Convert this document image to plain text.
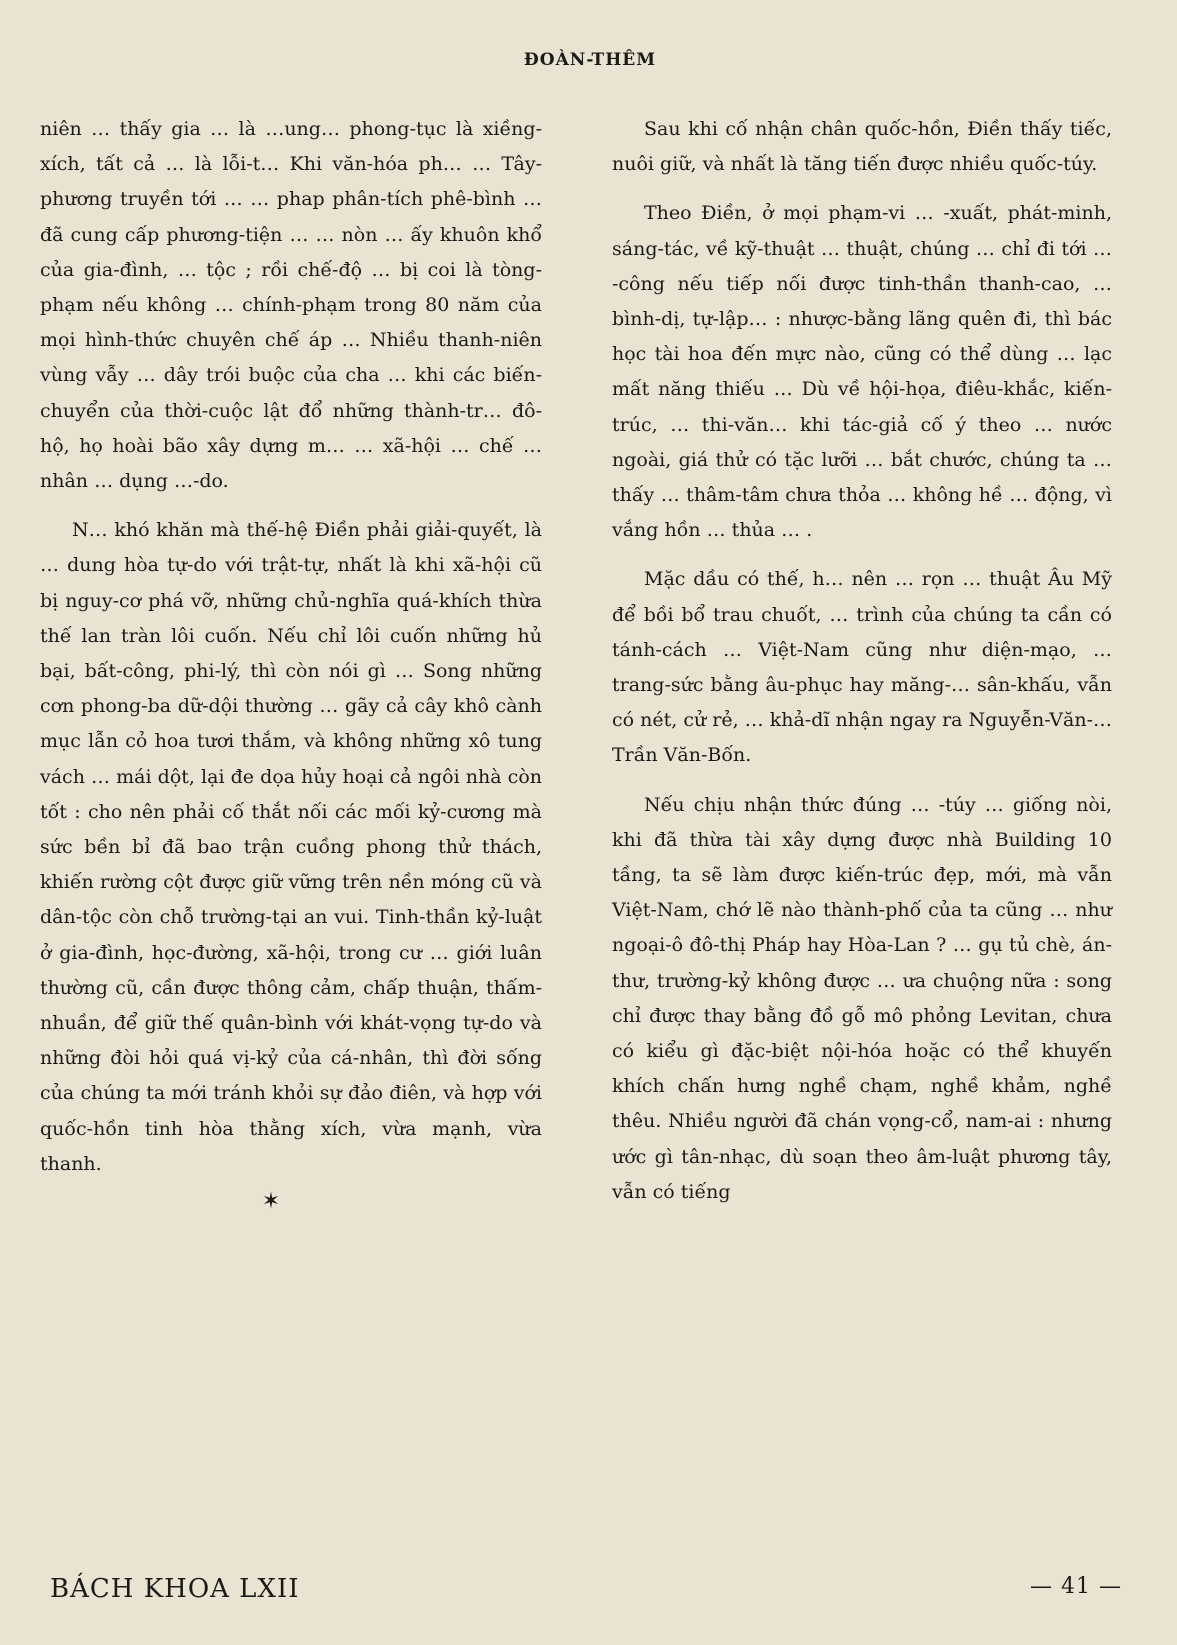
ĐOÀN-THÊM

niên … thấy gia … là …ung… phong-tục là xiềng-xích, tất cả … là lỗi-t… Khi văn-hóa ph… … Tây-phương truyền tới … … phap phân-tích phê-bình … đã cung cấp phương-tiện … … nòn … ấy khuôn khổ của gia-đình, … tộc ; rồi chế-độ … bị coi là tòng-phạm nếu không … chính-phạm trong 80 năm của mọi hình-thức chuyên chế áp … Nhiều thanh-niên vùng vẫy … dây trói buộc của cha … khi các biến-chuyển của thời-cuộc lật đổ những thành-tr… đô-hộ, họ hoài bão xây dựng m… … xã-hội … chế … nhân … dụng …-do.

N… khó khăn mà thế-hệ Điền phải giải-quyết, là … dung hòa tự-do với trật-tự, nhất là khi xã-hội cũ bị nguy-cơ phá vỡ, những chủ-nghĩa quá-khích thừa thế lan tràn lôi cuốn. Nếu chỉ lôi cuốn những hủ bại, bất-công, phi-lý, thì còn nói gì … Song những cơn phong-ba dữ-dội thường … gãy cả cây khô cành mục lẫn cỏ hoa tươi thắm, và không những xô tung vách … mái dột, lại đe dọa hủy hoại cả ngôi nhà còn tốt : cho nên phải cố thắt nối các mối kỷ-cương mà sức bền bỉ đã bao trận cuồng phong thử thách, khiến rường cột được giữ vững trên nền móng cũ và dân-tộc còn chỗ trường-tại an vui. Tinh-thần kỷ-luật ở gia-đình, học-đường, xã-hội, trong cư … giới luân thường cũ, cần được thông cảm, chấp thuận, thấm-nhuần, để giữ thế quân-bình với khát-vọng tự-do và những đòi hỏi quá vị-kỷ của cá-nhân, thì đời sống của chúng ta mới tránh khỏi sự đảo điên, và hợp với quốc-hồn tinh hòa thằng xích, vừa mạnh, vừa thanh.

✶

Sau khi cố nhận chân quốc-hồn, Điền thấy tiếc, nuôi giữ, và nhất là tăng tiến được nhiều quốc-túy.

Theo Điền, ở mọi phạm-vi … -xuất, phát-minh, sáng-tác, về kỹ-thuật … thuật, chúng … chỉ đi tới … -công nếu tiếp nối được tinh-thần thanh-cao, … bình-dị, tự-lập… : nhược-bằng lãng quên đi, thì bác học tài hoa đến mực nào, cũng có thể dùng … lạc mất năng thiếu … Dù về hội-họa, điêu-khắc, kiến-trúc, … thi-văn… khi tác-giả cố ý theo … nước ngoài, giá thử có tặc lưỡi … bắt chước, chúng ta … thấy … thâm-tâm chưa thỏa … không hề … động, vì vắng hồn … thủa … .

Mặc dầu có thế, h… nên … rọn … thuật Âu Mỹ để bồi bổ trau chuốt, … trình của chúng ta cần có tánh-cách … Việt-Nam cũng như diện-mạo, … trang-sức bằng âu-phục hay măng-… sân-khấu, vẫn có nét, cử rẻ, … khả-dĩ nhận ngay ra Nguyễn-Văn-… Trần Văn-Bốn.

Nếu chịu nhận thức đúng … -túy … giống nòi, khi đã thừa tài xây dựng được nhà Building 10 tầng, ta sẽ làm được kiến-trúc đẹp, mới, mà vẫn Việt-Nam, chớ lẽ nào thành-phố của ta cũng … như ngoại-ô đô-thị Pháp hay Hòa-Lan ? … gụ tủ chè, án-thư, trường-kỷ không được … ưa chuộng nữa : song chỉ được thay bằng đồ gỗ mô phỏng Levitan, chưa có kiểu gì đặc-biệt nội-hóa hoặc có thể khuyến khích chấn hưng nghề chạm, nghề khảm, nghề thêu. Nhiều người đã chán vọng-cổ, nam-ai : nhưng ước gì tân-nhạc, dù soạn theo âm-luật phương tây, vẫn có tiếng

BÁCH KHOA LXII	— 41 —
